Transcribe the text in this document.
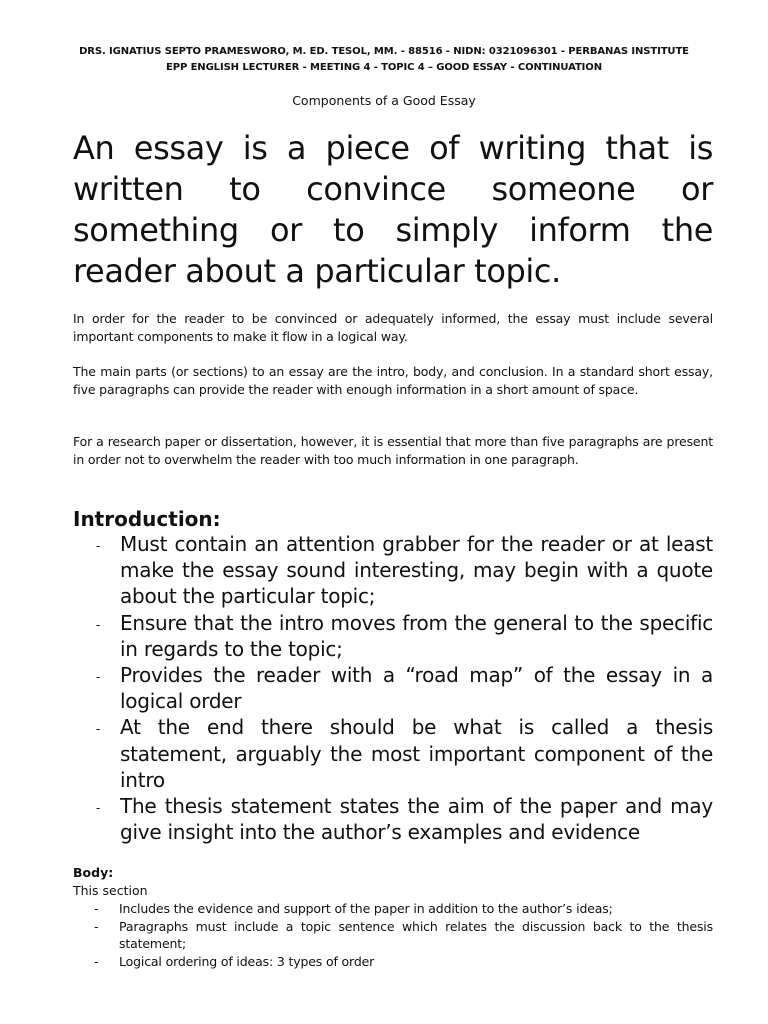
DRS. IGNATIUS SEPTO PRAMESWORO, M. ED. TESOL, MM. - 88516 - NIDN: 0321096301 - PERBANAS INSTITUTE
EPP ENGLISH LECTURER - MEETING 4 - TOPIC 4 – GOOD ESSAY - CONTINUATION
Components of a Good Essay

An essay is a piece of writing that is written to convince someone or something or to simply inform the reader about a particular topic.

In order for the reader to be convinced or adequately informed, the essay must include several important components to make it flow in a logical way.

The main parts (or sections) to an essay are the intro, body, and conclusion. In a standard short essay, five paragraphs can provide the reader with enough information in a short amount of space.

For a research paper or dissertation, however, it is essential that more than five paragraphs are present in order not to overwhelm the reader with too much information in one paragraph.

Introduction:
- Must contain an attention grabber for the reader or at least make the essay sound interesting, may begin with a quote about the particular topic;
- Ensure that the intro moves from the general to the specific in regards to the topic;
- Provides the reader with a “road map” of the essay in a logical order
- At the end there should be what is called a thesis statement, arguably the most important component of the intro
- The thesis statement states the aim of the paper and may give insight into the author’s examples and evidence
Body:
This section
- Includes the evidence and support of the paper in addition to the author’s ideas;
- Paragraphs must include a topic sentence which relates the discussion back to the thesis statement;
- Logical ordering of ideas: 3 types of order
